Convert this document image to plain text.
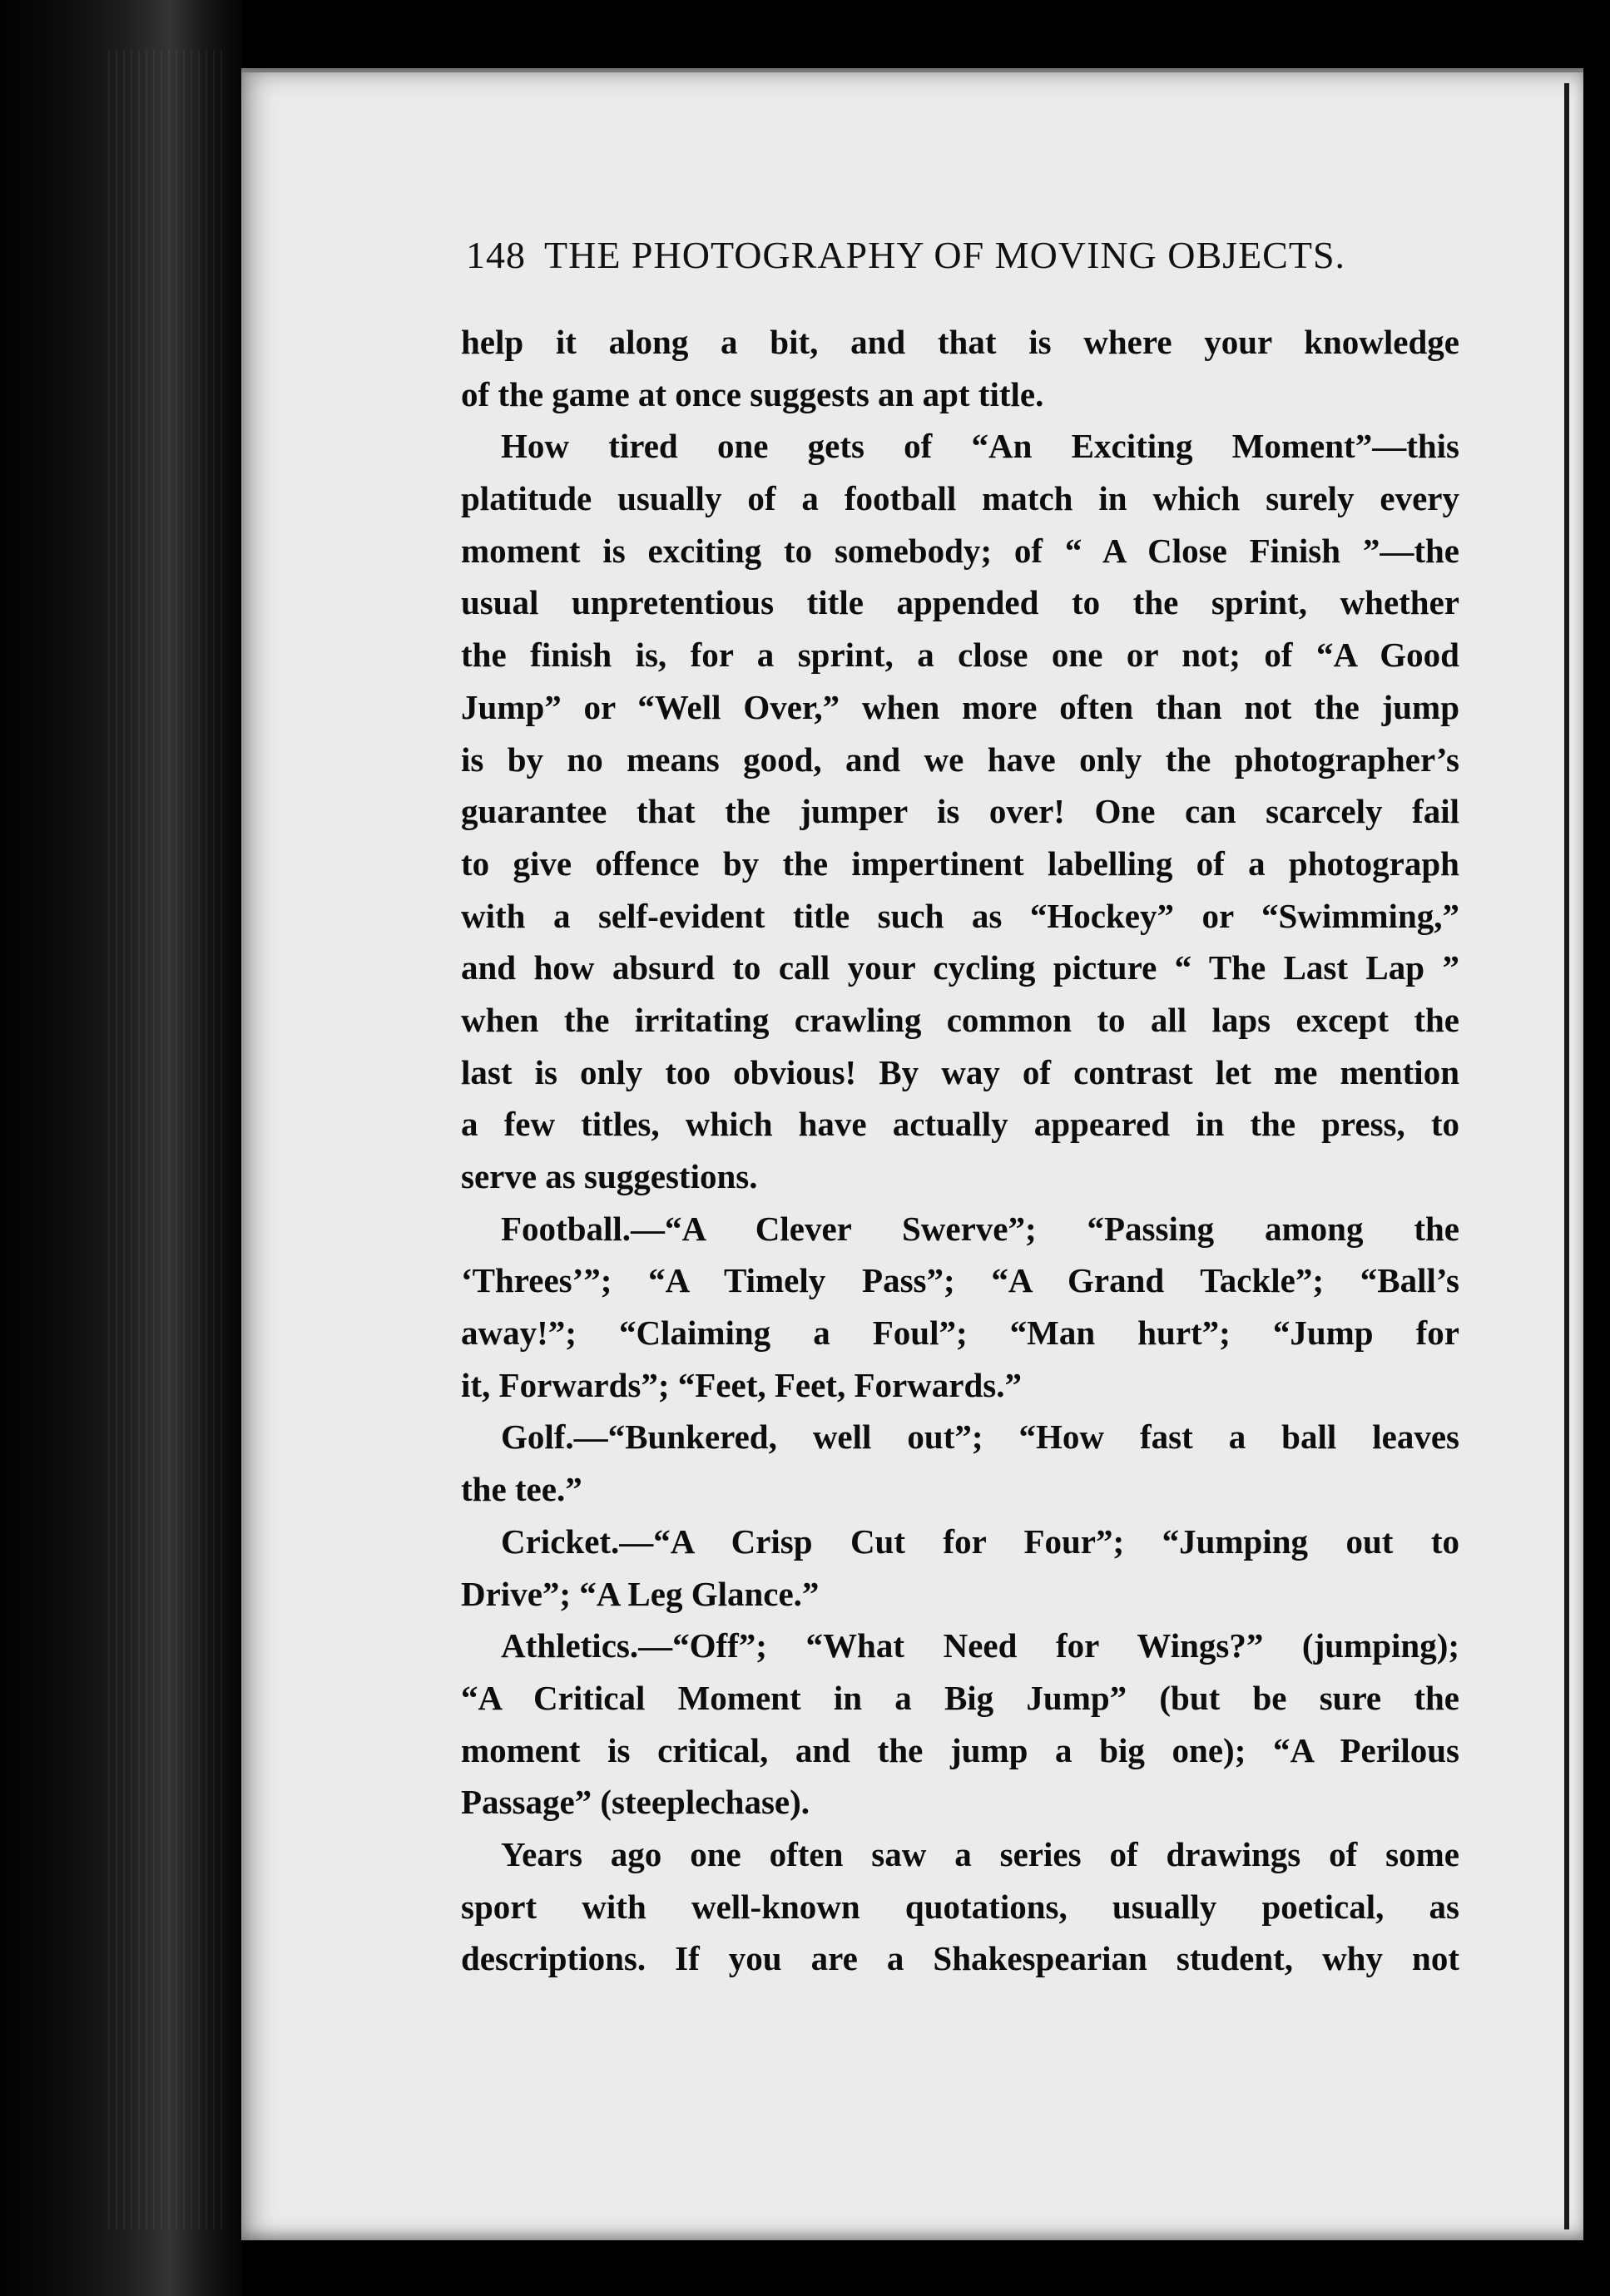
148 THE PHOTOGRAPHY OF MOVING OBJECTS.
help it along a bit, and that is where your knowledge
of the game at once suggests an apt title.
How tired one gets of “An Exciting Moment”—this
platitude usually of a football match in which surely every
moment is exciting to somebody; of “ A Close Finish ”—the
usual unpretentious title appended to the sprint, whether
the finish is, for a sprint, a close one or not; of “A Good
Jump” or “Well Over,” when more often than not the jump
is by no means good, and we have only the photographer’s
guarantee that the jumper is over! One can scarcely fail
to give offence by the impertinent labelling of a photograph
with a self-evident title such as “Hockey” or “Swimming,”
and how absurd to call your cycling picture “ The Last Lap ”
when the irritating crawling common to all laps except the
last is only too obvious! By way of contrast let me mention
a few titles, which have actually appeared in the press, to
serve as suggestions.
Football.—“A Clever Swerve”; “Passing among the
‘Threes’”; “A Timely Pass”; “A Grand Tackle”; “Ball’s
away!”; “Claiming a Foul”; “Man hurt”; “Jump for
it, Forwards”; “Feet, Feet, Forwards.”
Golf.—“Bunkered, well out”; “How fast a ball leaves
the tee.”
Cricket.—“A Crisp Cut for Four”; “Jumping out to
Drive”; “A Leg Glance.”
Athletics.—“Off”; “What Need for Wings?” (jumping);
“A Critical Moment in a Big Jump” (but be sure the
moment is critical, and the jump a big one); “A Perilous
Passage” (steeplechase).
Years ago one often saw a series of drawings of some
sport with well-known quotations, usually poetical, as
descriptions. If you are a Shakespearian student, why not
